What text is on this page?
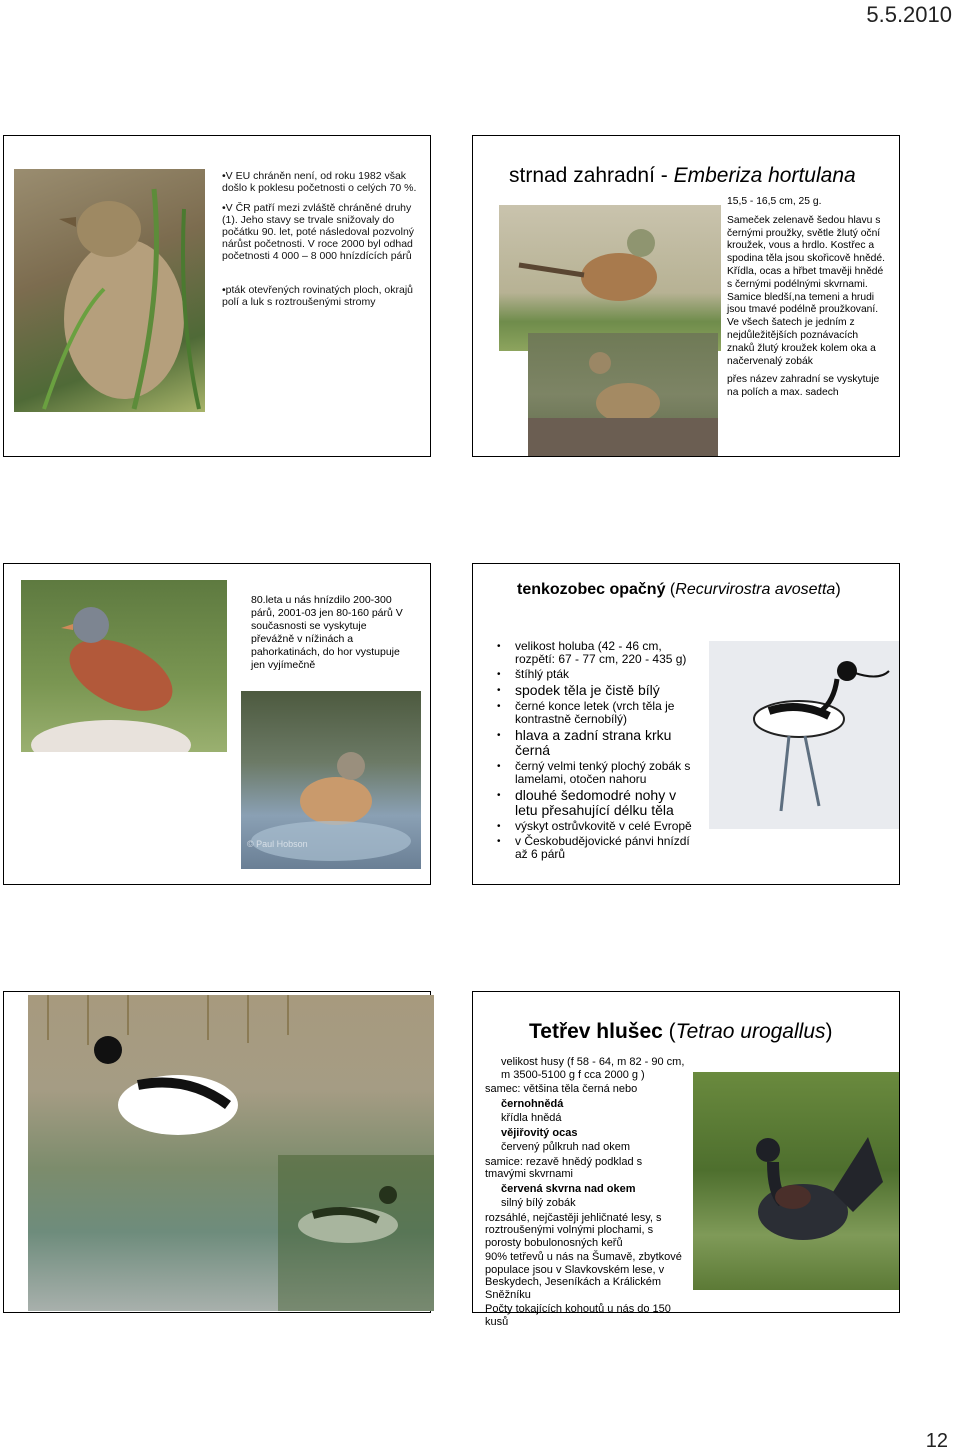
5.5.2010

•V EU chráněn není, od roku 1982 však došlo k poklesu početnosti o celých 70 %.

•V ČR patří mezi zvláště chráněné druhy (1). Jeho stavy se trvale snižovaly do počátku 90. let, poté následoval pozvolný nárůst početnosti. V roce 2000 byl odhad početnosti 4 000 – 8 000 hnízdících párů

•pták otevřených rovinatých ploch, okrajů polí a luk s roztroušenými stromy

strnad zahradní - Emberiza hortulana

15,5 - 16,5 cm, 25 g.

Sameček zelenavě šedou hlavu s černými proužky, světle žlutý oční kroužek, vous a hrdlo. Kostřec a spodina těla jsou skořicově hnědé. Křídla, ocas a hřbet tmavěji hnědé s černými podélnými skvrnami. Samice bledší,na temeni a hrudi jsou tmavé podélně proužkovaní. Ve všech šatech je jedním z nejdůležitějších poznávacích znaků žlutý kroužek kolem oka a načervenalý zobák

přes název zahradní se vyskytuje na polích a max. sadech

© Paul Hobson
80.leta u nás hnízdilo 200-300 párů, 2001-03 jen 80-160 párů V současnosti se vyskytuje převážně v nížinách a pahorkatinách, do hor vystupuje jen vyjímečně
tenkozobec opačný (Recurvirostra avosetta)
• velikost holuba (42 - 46 cm, rozpětí: 67 - 77 cm, 220 - 435 g)
• štíhlý pták
• spodek těla je čistě bílý
• černé konce letek (vrch těla je kontrastně černobílý)
• hlava a zadní strana krku černá
• černý velmi tenký plochý zobák s lamelami, otočen nahoru
• dlouhé šedomodré nohy v letu přesahující délku těla
• výskyt ostrůvkovitě v celé Evropě
• v Českobudějovické pánvi hnízdí až 6 párů
Tetřev hlušec (Tetrao urogallus)
velikost husy (f 58 - 64, m 82 - 90 cm, m 3500-5100 g f cca 2000 g )
samec: většina těla černá nebo
černohnědá
křídla hnědá
vějiřovitý ocas
červený půlkruh nad okem
samice: rezavě hnědý podklad s tmavými skvrnami
červená skvrna nad okem
silný bílý zobák
rozsáhlé, nejčastěji jehličnaté lesy, s roztroušenými volnými plochami, s porosty bobulonosných keřů
90% tetřevů u nás na Šumavě, zbytkové populace jsou v Slavkovském lese, v Beskydech, Jeseníkách a Králickém Sněžníku
Počty tokajících kohoutů u nás do 150 kusů
12
